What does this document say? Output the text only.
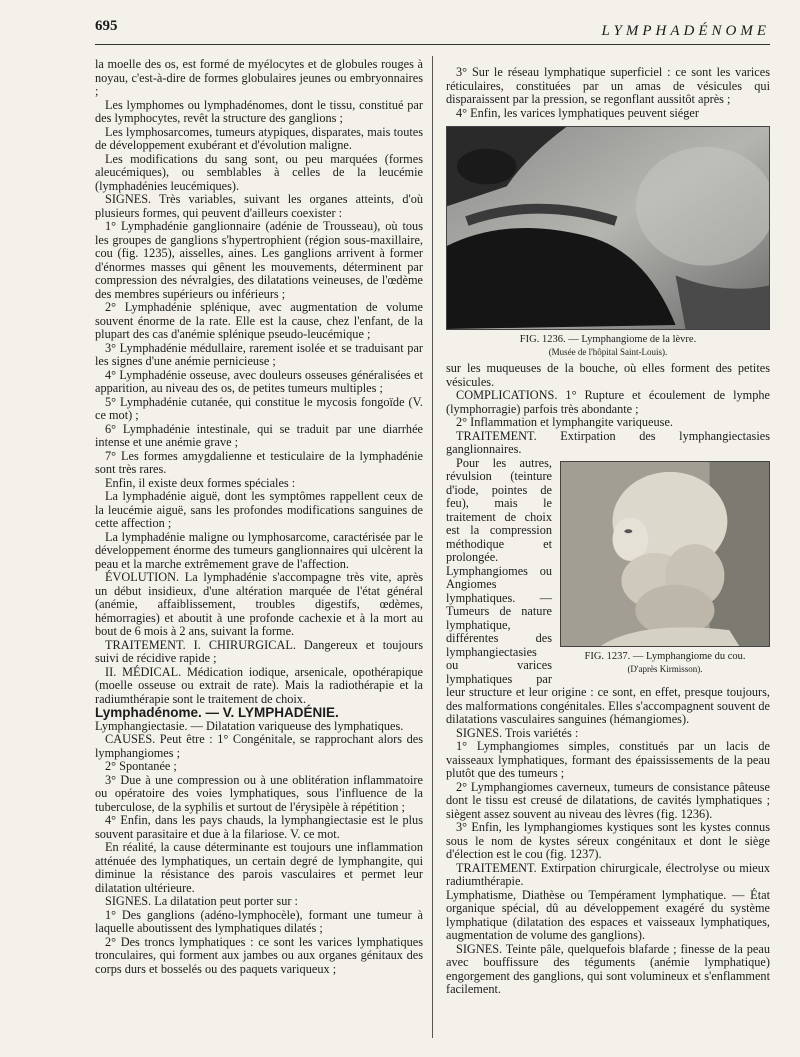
695	LYMPHADÉNOME

la moelle des os, est formé de myélocytes et de globules rouges à noyau, c'est-à-dire de formes globulaires jeunes ou embryonnaires ;

Les lymphomes ou lymphadénomes, dont le tissu, constitué par des lymphocytes, revêt la structure des ganglions ;

Les lymphosarcomes, tumeurs atypiques, disparates, mais toutes de développement exubérant et d'évolution maligne.

Les modifications du sang sont, ou peu marquées (formes aleucémiques), ou semblables à celles de la leucémie (lymphadénies leucémiques).

SIGNES. Très variables, suivant les organes atteints, d'où plusieurs formes, qui peuvent d'ailleurs coexister :

1° Lymphadénie ganglionnaire (adénie de Trousseau), où tous les groupes de ganglions s'hypertrophient (région sous-maxillaire, cou (fig. 1235), aisselles, aines. Les ganglions arrivent à former d'énormes masses qui gênent les mouvements, déterminent par compression des névralgies, des dilatations veineuses, de l'œdème des membres supérieurs ou inférieurs ;

2° Lymphadénie splénique, avec augmentation de volume souvent énorme de la rate. Elle est la cause, chez l'enfant, de la plupart des cas d'anémie splénique pseudo-leucémique ;

3° Lymphadénie médullaire, rarement isolée et se traduisant par les signes d'une anémie pernicieuse ;

4° Lymphadénie osseuse, avec douleurs osseuses généralisées et apparition, au niveau des os, de petites tumeurs multiples ;

5° Lymphadénie cutanée, qui constitue le mycosis fongoïde (V. ce mot) ;

6° Lymphadénie intestinale, qui se traduit par une diarrhée intense et une anémie grave ;

7° Les formes amygdalienne et testiculaire de la lymphadénie sont très rares.

Enfin, il existe deux formes spéciales :

La lymphadénie aiguë, dont les symptômes rappellent ceux de la leucémie aiguë, sans les profondes modifications sanguines de cette affection ;

La lymphadénie maligne ou lymphosarcome, caractérisée par le développement énorme des tumeurs ganglionnaires qui ulcèrent la peau et la marche extrêmement grave de l'affection.

ÉVOLUTION. La lymphadénie s'accompagne très vite, après un début insidieux, d'une altération marquée de l'état général (anémie, affaiblissement, troubles digestifs, œdèmes, hémorragies) et aboutit à une profonde cachexie et à la mort au bout de 6 mois à 2 ans, suivant la forme.

TRAITEMENT. I. CHIRURGICAL. Dangereux et toujours suivi de récidive rapide ;

II. MÉDICAL. Médication iodique, arsenicale, opothérapique (moelle osseuse ou extrait de rate). Mais la radiothérapie et la radiumthérapie sont le traitement de choix.

Lymphadénome. — V. LYMPHADÉNIE.

Lymphangiectasie. — Dilatation variqueuse des lymphatiques.

CAUSES. Peut être : 1° Congénitale, se rapprochant alors des lymphangiomes ;

2° Spontanée ;

3° Due à une compression ou à une oblitération inflammatoire ou opératoire des voies lymphatiques, sous l'influence de la tuberculose, de la syphilis et surtout de l'érysipèle à répétition ;

4° Enfin, dans les pays chauds, la lymphangiectasie est le plus souvent parasitaire et due à la filariose. V. ce mot.

En réalité, la cause déterminante est toujours une inflammation atténuée des lymphatiques, un certain degré de lymphangite, qui diminue la résistance des parois vasculaires et permet leur dilatation ultérieure.

SIGNES. La dilatation peut porter sur :

1° Des ganglions (adéno-lymphocèle), formant une tumeur à laquelle aboutissent des lymphatiques dilatés ;

2° Des troncs lymphatiques : ce sont les varices lymphatiques tronculaires, qui forment aux jambes ou aux organes génitaux des corps durs et bosselés ou des paquets variqueux ;

3° Sur le réseau lymphatique superficiel : ce sont les varices réticulaires, constituées par un amas de vésicules qui disparaissent par la pression, se regonflant aussitôt après ;

4° Enfin, les varices lymphatiques peuvent siéger

FIG. 1236. — Lymphangiome de la lèvre.
(Musée de l'hôpital Saint-Louis).

sur les muqueuses de la bouche, où elles forment des petites vésicules.

COMPLICATIONS. 1° Rupture et écoulement de lymphe (lymphorragie) parfois très abondante ;

2° Inflammation et lymphangite variqueuse.

TRAITEMENT. Extirpation des lymphangiectasies ganglionnaires.

FIG. 1237. — Lymphangiome du cou.
(D'après Kirmisson).

Pour les autres, révulsion (teinture d'iode, pointes de feu), mais le traitement de choix est la compression méthodique et prolongée.

Lymphangiomes ou Angiomes lymphatiques. — Tumeurs de nature lymphatique, différentes des lymphangiectasies ou varices lymphatiques par leur structure et leur origine : ce sont, en effet, presque toujours, des malformations congénitales. Elles s'accompagnent souvent de dilatations vasculaires sanguines (hémangiomes).

SIGNES. Trois variétés :

1° Lymphangiomes simples, constitués par un lacis de vaisseaux lymphatiques, formant des épaississements de la peau plutôt que des tumeurs ;

2° Lymphangiomes caverneux, tumeurs de consistance pâteuse dont le tissu est creusé de dilatations, de cavités lymphatiques ; siègent assez souvent au niveau des lèvres (fig. 1236).

3° Enfin, les lymphangiomes kystiques sont les kystes connus sous le nom de kystes séreux congénitaux et dont le siège d'élection est le cou (fig. 1237).

TRAITEMENT. Extirpation chirurgicale, électrolyse ou mieux radiumthérapie.

Lymphatisme, Diathèse ou Tempérament lymphatique. — État organique spécial, dû au développement exagéré du système lymphatique (dilatation des espaces et vaisseaux lymphatiques, augmentation de volume des ganglions).

SIGNES. Teinte pâle, quelquefois blafarde ; finesse de la peau avec bouffissure des téguments (anémie lymphatique) engorgement des ganglions, qui sont volumineux et s'enflamment facilement.
